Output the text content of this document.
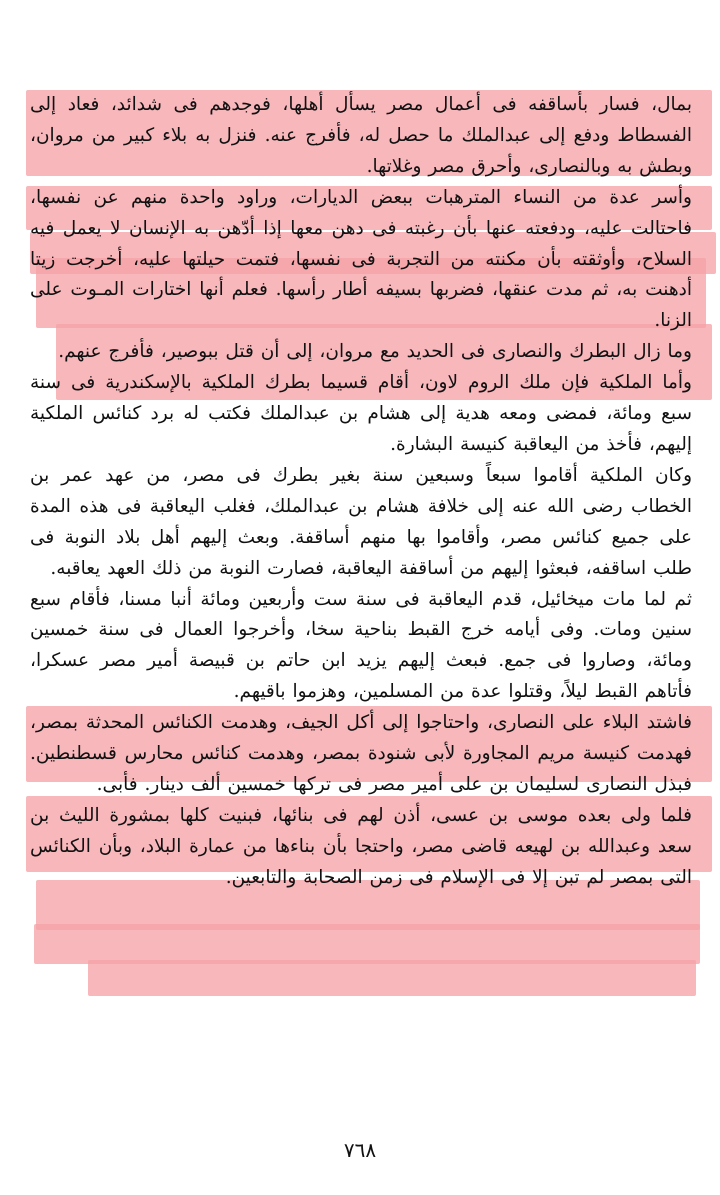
بمال، فسار بأساقفه فى أعمال مصر يسأل أهلها، فوجدهم فى شدائد، فعاد إلى الفسطاط ودفع إلى عبدالملك ما حصل له، فأفرج عنه. فنزل به بلاء كبير من مروان، وبطش به وبالنصارى، وأحرق مصر وغلاتها.
وأسر عدة من النساء المترهبات ببعض الديارات، وراود واحدة منهم عن نفسها، فاحتالت عليه، ودفعته عنها بأن رغبته فى دهن معها إذا أدّهن به الإنسان لا يعمل فيه السلاح، وأوثقته بأن مكنته من التجربة فى نفسها، فتمت حيلتها عليه، أخرجت زيتا أدهنت به، ثم مدت عنقها، فضربها بسيفه أطار رأسها. فعلم أنها اختارات المـوت على الزنا.
وما زال البطرك والنصارى فى الحديد مع مروان، إلى أن قتل ببوصير، فأفرج عنهم.
وأما الملكية فإن ملك الروم لاون، أقام قسيما بطرك الملكية بالإسكندرية فى سنة سبع ومائة، فمضى ومعه هدية إلى هشام بن عبدالملك فكتب له برد كنائس الملكية إليهم، فأخذ من اليعاقبة كنيسة البشارة.
وكان الملكية أقاموا سبعاً وسبعين سنة بغير بطرك فى مصر، من عهد عمر بن الخطاب رضى الله عنه إلى خلافة هشام بن عبدالملك، فغلب اليعاقبة فى هذه المدة على جميع كنائس مصر، وأقاموا بها منهم أساقفة. وبعث إليهم أهل بلاد النوبة فى طلب اساقفه، فبعثوا إليهم من أساقفة اليعاقبة، فصارت النوبة من ذلك العهد يعاقبه.
ثم لما مات ميخائيل، قدم اليعاقبة فى سنة ست وأربعين ومائة أنبا مسنا، فأقام سبع سنين ومات. وفى أيامه خرج القبط بناحية سخا، وأخرجوا العمال فى سنة خمسين ومائة، وصاروا فى جمع. فبعث إليهم يزيد ابن حاتم بن قبيصة أمير مصر عسكرا، فأتاهم القبط ليلاً، وقتلوا عدة من المسلمين، وهزموا باقيهم.
فاشتد البلاء على النصارى، واحتاجوا إلى أكل الجيف، وهدمت الكنائس المحدثة بمصر، فهدمت كنيسة مريم المجاورة لأبى شنودة بمصر، وهدمت كنائس محارس قسطنطين. فبذل النصارى لسليمان بن على أمير مصر فى تركها خمسين ألف دينار. فأبى.
فلما ولى بعده موسى بن عسى، أذن لهم فى بنائها، فبنيت كلها بمشورة الليث بن سعد وعبدالله بن لهيعه قاضى مصر، واحتجا بأن بناءها من عمارة البلاد، وبأن الكنائس التى بمصر لم تبن إلا فى الإسلام فى زمن الصحابة والتابعين.
٧٦٨
